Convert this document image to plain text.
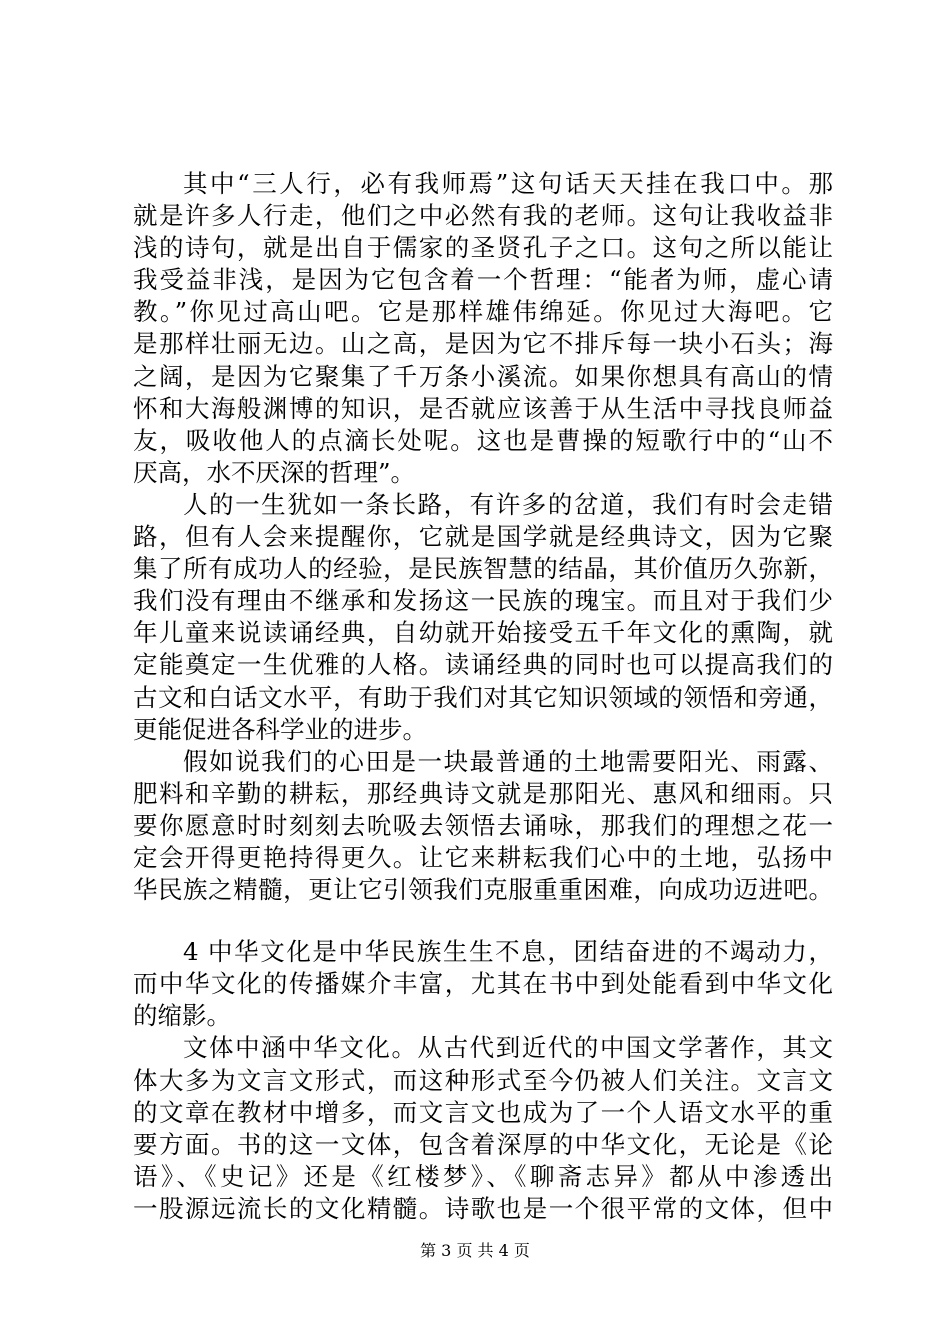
其中“三人行，必有我师焉”这句话天天挂在我口中。那
就是许多人行走，他们之中必然有我的老师。这句让我收益非
浅的诗句，就是出自于儒家的圣贤孔子之口。这句之所以能让
我受益非浅，是因为它包含着一个哲理：“能者为师，虚心请
教。”你见过高山吧。它是那样雄伟绵延。你见过大海吧。它
是那样壮丽无边。山之高，是因为它不排斥每一块小石头；海
之阔，是因为它聚集了千万条小溪流。如果你想具有高山的情
怀和大海般渊博的知识，是否就应该善于从生活中寻找良师益
友，吸收他人的点滴长处呢。这也是曹操的短歌行中的“山不
厌高，水不厌深的哲理”。
人的一生犹如一条长路，有许多的岔道，我们有时会走错
路，但有人会来提醒你，它就是国学就是经典诗文，因为它聚
集了所有成功人的经验，是民族智慧的结晶，其价值历久弥新，
我们没有理由不继承和发扬这一民族的瑰宝。而且对于我们少
年儿童来说读诵经典，自幼就开始接受五千年文化的熏陶，就
定能奠定一生优雅的人格。读诵经典的同时也可以提高我们的
古文和白话文水平，有助于我们对其它知识领域的领悟和旁通，
更能促进各科学业的进步。
假如说我们的心田是一块最普通的土地需要阳光、雨露、
肥料和辛勤的耕耘，那经典诗文就是那阳光、惠风和细雨。只
要你愿意时时刻刻去吮吸去领悟去诵咏，那我们的理想之花一
定会开得更艳持得更久。让它来耕耘我们心中的土地，弘扬中
华民族之精髓，更让它引领我们克服重重困难，向成功迈进吧。
4 中华文化是中华民族生生不息，团结奋进的不竭动力，
而中华文化的传播媒介丰富，尤其在书中到处能看到中华文化
的缩影。
文体中涵中华文化。从古代到近代的中国文学著作，其文
体大多为文言文形式，而这种形式至今仍被人们关注。文言文
的文章在教材中增多，而文言文也成为了一个人语文水平的重
要方面。书的这一文体，包含着深厚的中华文化，无论是《论
语》、《史记》还是《红楼梦》、《聊斋志异》都从中渗透出
一股源远流长的文化精髓。诗歌也是一个很平常的文体，但中
第 3 页 共 4 页
